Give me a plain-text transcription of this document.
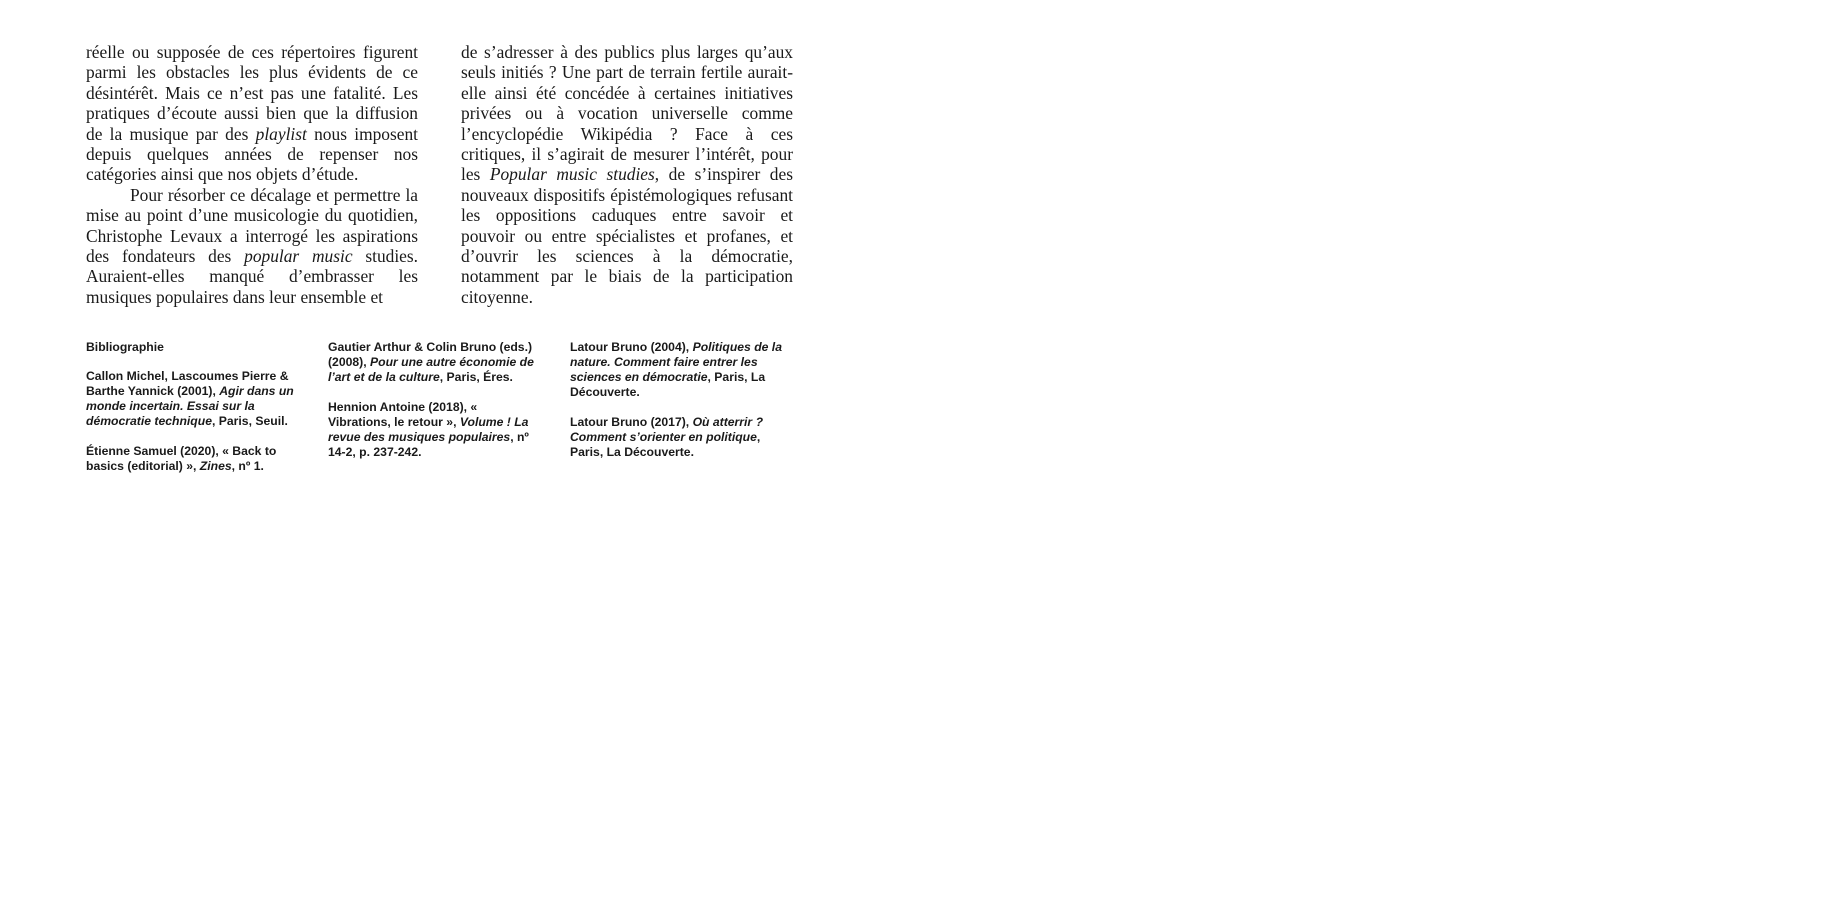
réelle ou supposée de ces répertoires figurent parmi les obstacles les plus évidents de ce désintérêt. Mais ce n’est pas une fatalité. Les pratiques d’écoute aussi bien que la diffusion de la musique par des playlist nous imposent depuis quelques années de repenser nos catégories ainsi que nos objets d’étude.

Pour résorber ce décalage et permettre la mise au point d’une musicologie du quotidien, Christophe Levaux a interrogé les aspirations des fondateurs des popular music studies. Auraient-elles manqué d’embrasser les musiques populaires dans leur ensemble et

de s’adresser à des publics plus larges qu’aux seuls initiés ? Une part de terrain fertile aurait-elle ainsi été concédée à certaines initiatives privées ou à vocation universelle comme l’encyclopédie Wikipédia ? Face à ces critiques, il s’agirait de mesurer l’intérêt, pour les Popular music studies, de s’inspirer des nouveaux dispositifs épistémologiques refusant les oppositions caduques entre savoir et pouvoir ou entre spécialistes et profanes, et d’ouvrir les sciences à la démocratie, notamment par le biais de la participation citoyenne.

Bibliographie
Callon Michel, Lascoumes Pierre & Barthe Yannick (2001), Agir dans un monde incertain. Essai sur la démocratie technique, Paris, Seuil.
Étienne Samuel (2020), « Back to basics (editorial) », Zines, nº 1.
Gautier Arthur & Colin Bruno (eds.) (2008), Pour une autre économie de l’art et de la culture, Paris, Éres.
Hennion Antoine (2018), « Vibrations, le retour », Volume ! La revue des musiques populaires, nº 14-2, p. 237-242.
Latour Bruno (2004), Politiques de la nature. Comment faire entrer les sciences en démocratie, Paris, La Découverte.
Latour Bruno (2017), Où atterrir ? Comment s’orienter en politique, Paris, La Découverte.
